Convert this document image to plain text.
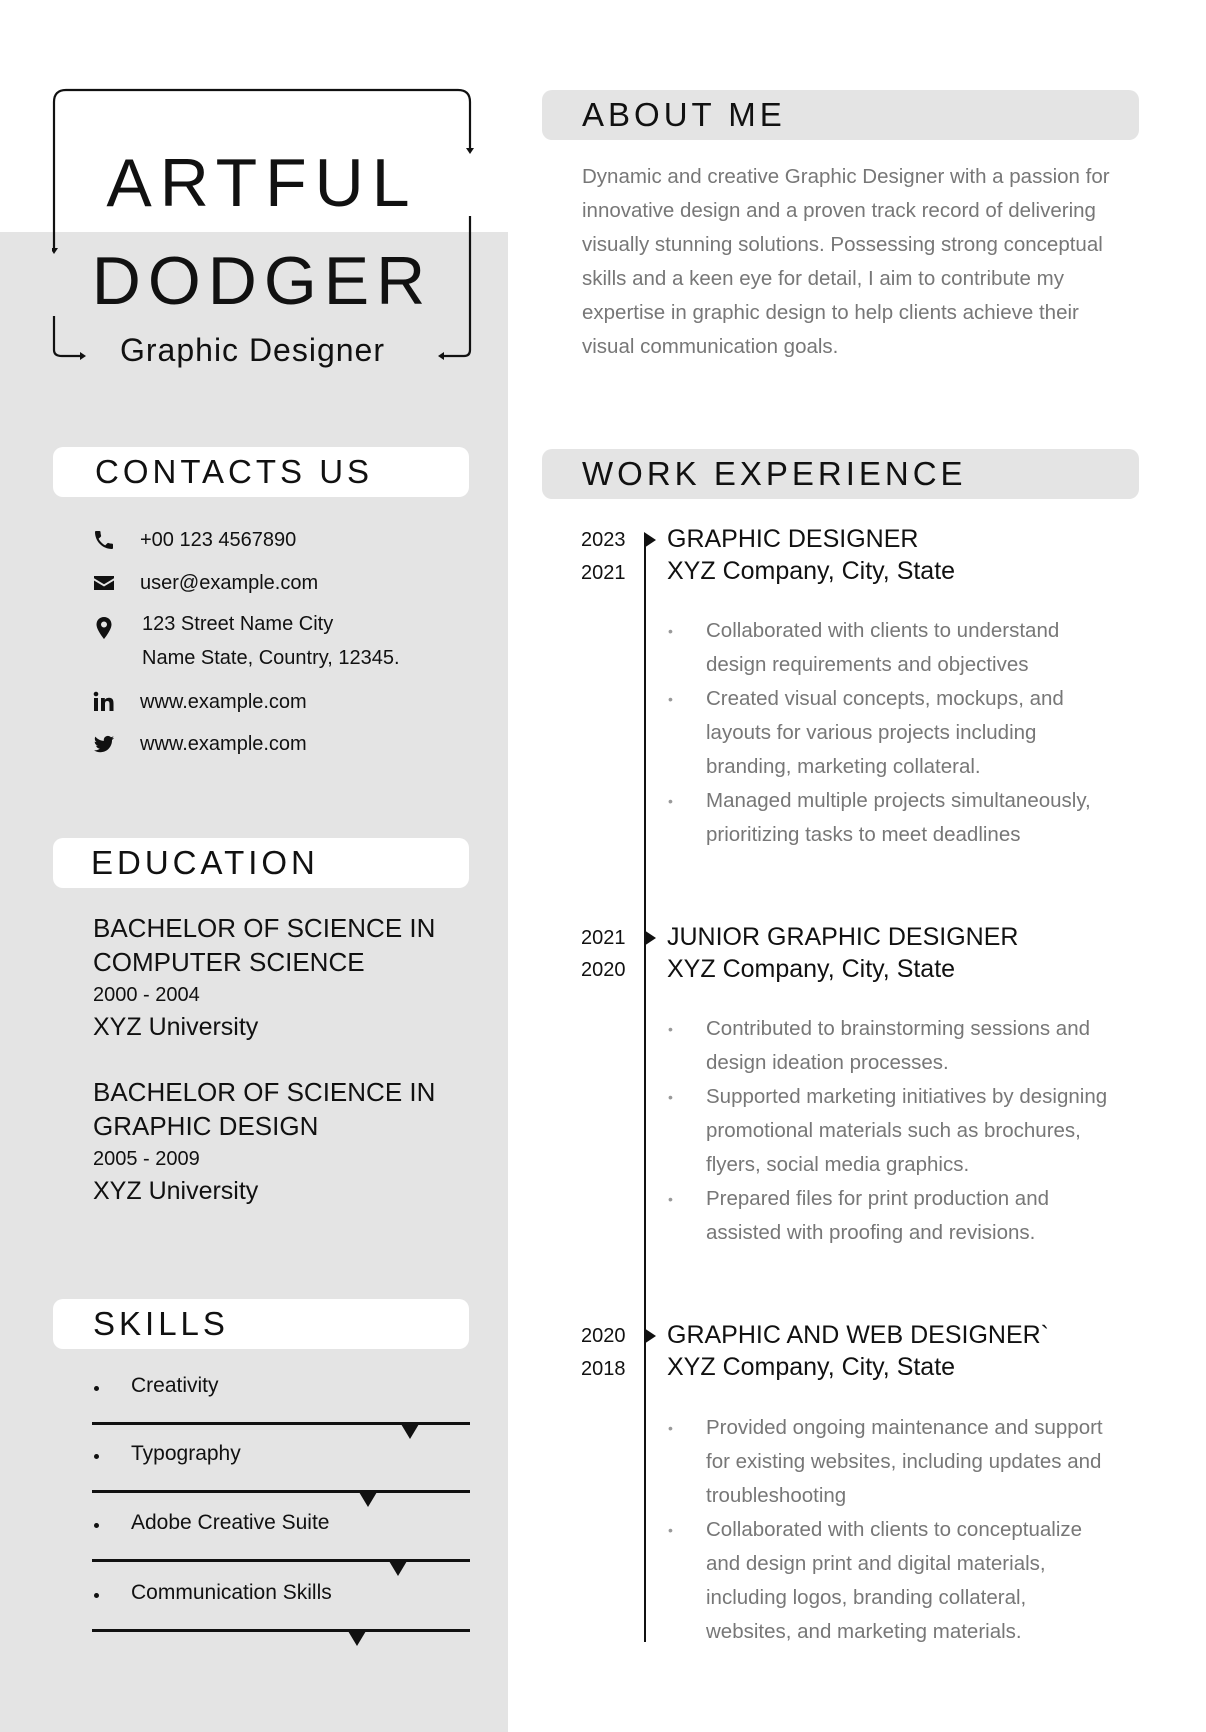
ARTFUL
DODGER
Graphic Designer
CONTACTS US
+00 123 4567890
user@example.com
123 Street Name City
Name State, Country, 12345.
www.example.com
www.example.com
EDUCATION
BACHELOR OF SCIENCE IN COMPUTER SCIENCE
2000 - 2004
XYZ University
BACHELOR OF SCIENCE IN GRAPHIC DESIGN
2005 - 2009
XYZ University
SKILLS
Creativity
Typography
Adobe Creative Suite
Communication Skills
ABOUT ME
Dynamic and creative Graphic Designer with a passion for innovative design and a proven track record of delivering visually stunning solutions. Possessing strong conceptual skills and a keen eye for detail, I aim to contribute my expertise in graphic design to help clients achieve their visual communication goals.
WORK EXPERIENCE
2023
2021
GRAPHIC DESIGNER
XYZ Company, City, State
• Collaborated with clients to understand design requirements and objectives
• Created visual concepts, mockups, and layouts for various projects including branding, marketing collateral.
• Managed multiple projects simultaneously, prioritizing tasks to meet deadlines
2021
2020
JUNIOR GRAPHIC DESIGNER
XYZ Company, City, State
• Contributed to brainstorming sessions and design ideation processes.
• Supported marketing initiatives by designing promotional materials such as brochures, flyers, social media graphics.
• Prepared files for print production and assisted with proofing and revisions.
2020
2018
GRAPHIC AND WEB DESIGNER`
XYZ Company, City, State
• Provided ongoing maintenance and support for existing websites, including updates and troubleshooting
• Collaborated with clients to conceptualize and design print and digital materials, including logos, branding collateral, websites, and marketing materials.
